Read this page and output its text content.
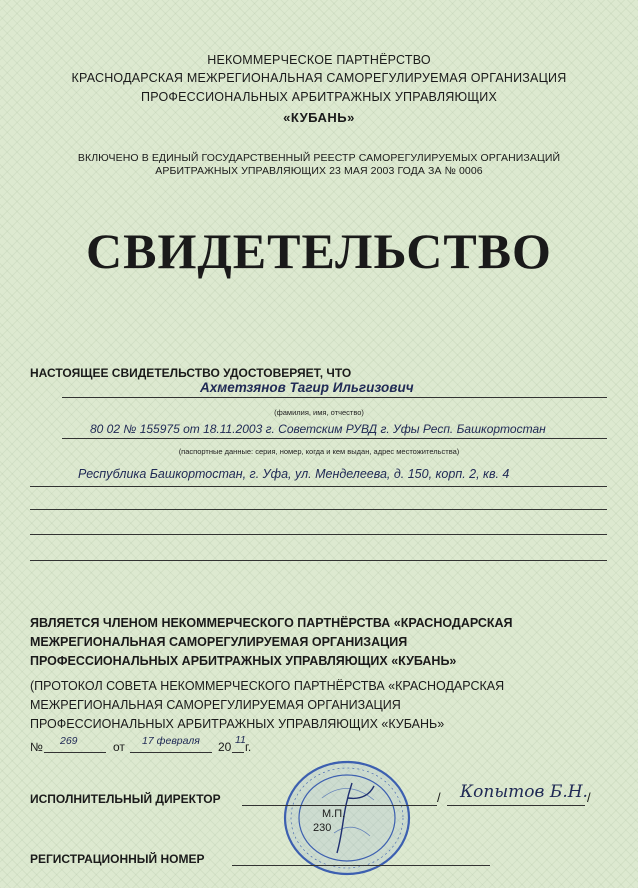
НЕКОММЕРЧЕСКОЕ ПАРТНЁРСТВО
КРАСНОДАРСКАЯ МЕЖРЕГИОНАЛЬНАЯ САМОРЕГУЛИРУЕМАЯ ОРГАНИЗАЦИЯ
ПРОФЕССИОНАЛЬНЫХ АРБИТРАЖНЫХ УПРАВЛЯЮЩИХ
«КУБАНЬ»
ВКЛЮЧЕНО В ЕДИНЫЙ ГОСУДАРСТВЕННЫЙ РЕЕСТР САМОРЕГУЛИРУЕМЫХ ОРГАНИЗАЦИЙ
АРБИТРАЖНЫХ УПРАВЛЯЮЩИХ 23 МАЯ 2003 ГОДА ЗА № 0006
СВИДЕТЕЛЬСТВО
НАСТОЯЩЕЕ СВИДЕТЕЛЬСТВО УДОСТОВЕРЯЕТ, ЧТО
Ахметзянов Тагир Ильгизович
(фамилия, имя, отчество)
80 02 № 155975 от 18.11.2003 г. Советским РУВД г. Уфы Респ. Башкортостан
(паспортные данные: серия, номер, когда и кем выдан, адрес местожительства)
Республика Башкортостан, г. Уфа, ул. Менделеева, д. 150, корп. 2, кв. 4
ЯВЛЯЕТСЯ ЧЛЕНОМ НЕКОММЕРЧЕСКОГО ПАРТНЁРСТВА «КРАСНОДАРСКАЯ
МЕЖРЕГИОНАЛЬНАЯ САМОРЕГУЛИРУЕМАЯ ОРГАНИЗАЦИЯ
ПРОФЕССИОНАЛЬНЫХ АРБИТРАЖНЫХ УПРАВЛЯЮЩИХ «КУБАНЬ»
(ПРОТОКОЛ СОВЕТА НЕКОММЕРЧЕСКОГО ПАРТНЁРСТВА «КРАСНОДАРСКАЯ
МЕЖРЕГИОНАЛЬНАЯ САМОРЕГУЛИРУЕМАЯ ОРГАНИЗАЦИЯ
ПРОФЕССИОНАЛЬНЫХ АРБИТРАЖНЫХ УПРАВЛЯЮЩИХ «КУБАНЬ»
№ 269	от 17 февраля 20 11 г.
ИСПОЛНИТЕЛЬНЫЙ ДИРЕКТОР	/ Копытов Б.Н. /
М.П.
230
РЕГИСТРАЦИОННЫЙ НОМЕР
